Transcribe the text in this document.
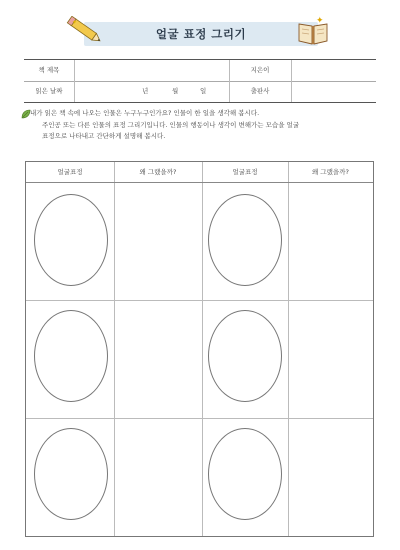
얼굴 표정 그리기
✦	✦
책 제목	지은이
읽은 날짜	년	월	일	출판사
내가 읽은 책 속에 나오는 인물은 누구누구인가요? 인물이 한 일을 생각해 봅시다.
주인공 또는 다른 인물의 표정 그리기입니다. 인물의 행동이나 생각이 변해가는 모습을 얼굴
표정으로 나타내고 간단하게 설명해 봅시다.
얼굴표정	왜 그랬을까?	얼굴표정	왜 그랬을까?
